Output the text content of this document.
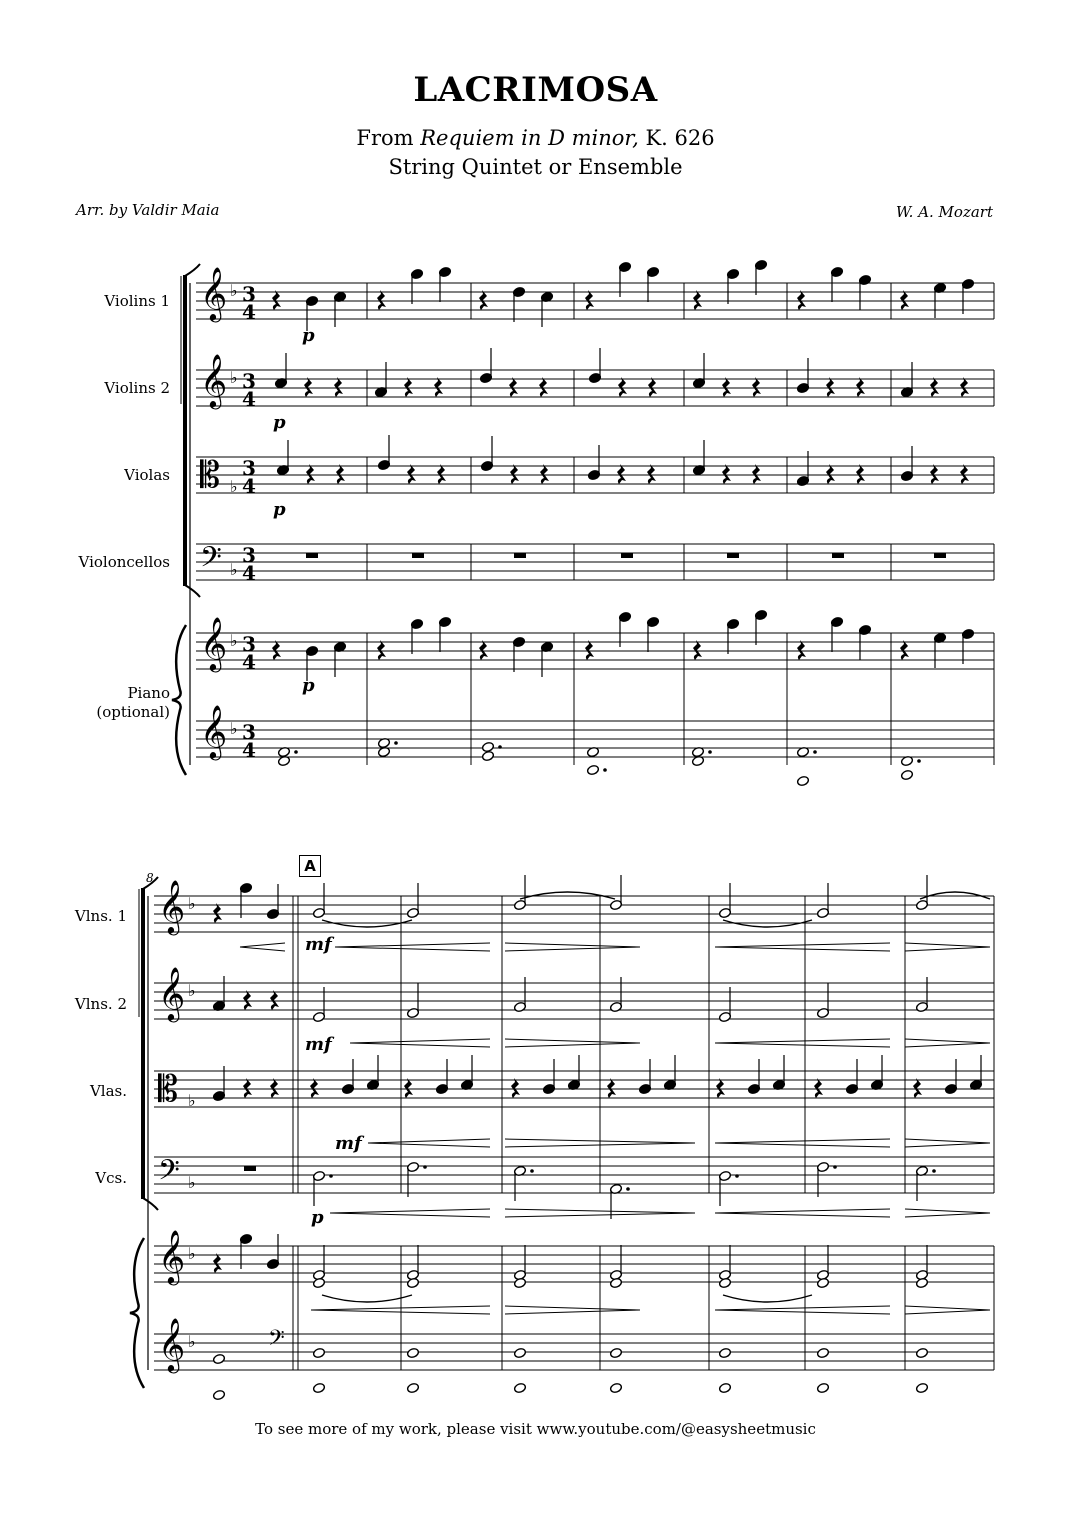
LACRIMOSA
From Requiem in D minor, K. 626
String Quintet or Ensemble
Arr. by Valdir Maia	W. A. Mozart
Violins 1
Violins 2
Violas
Violoncellos
Piano
(optional)
Vlns. 1
Vlns. 2
Vlas.
Vcs.
8
A
𝄞 ♭ 3
4
𝄞 ♭ 3
4
𝄡 ♭
3
4
𝄢 ♭
3
4
𝄞 ♭ 3
4
𝄞 ♭ 3
4
p
p
p
p
𝄞 ♭
𝄞 ♭
𝄡 ♭
𝄢 ♭
𝄞 ♭
𝄞 ♭	𝄢
mf
mf
mf
p
To see more of my work, please visit www.youtube.com/@easysheetmusic
